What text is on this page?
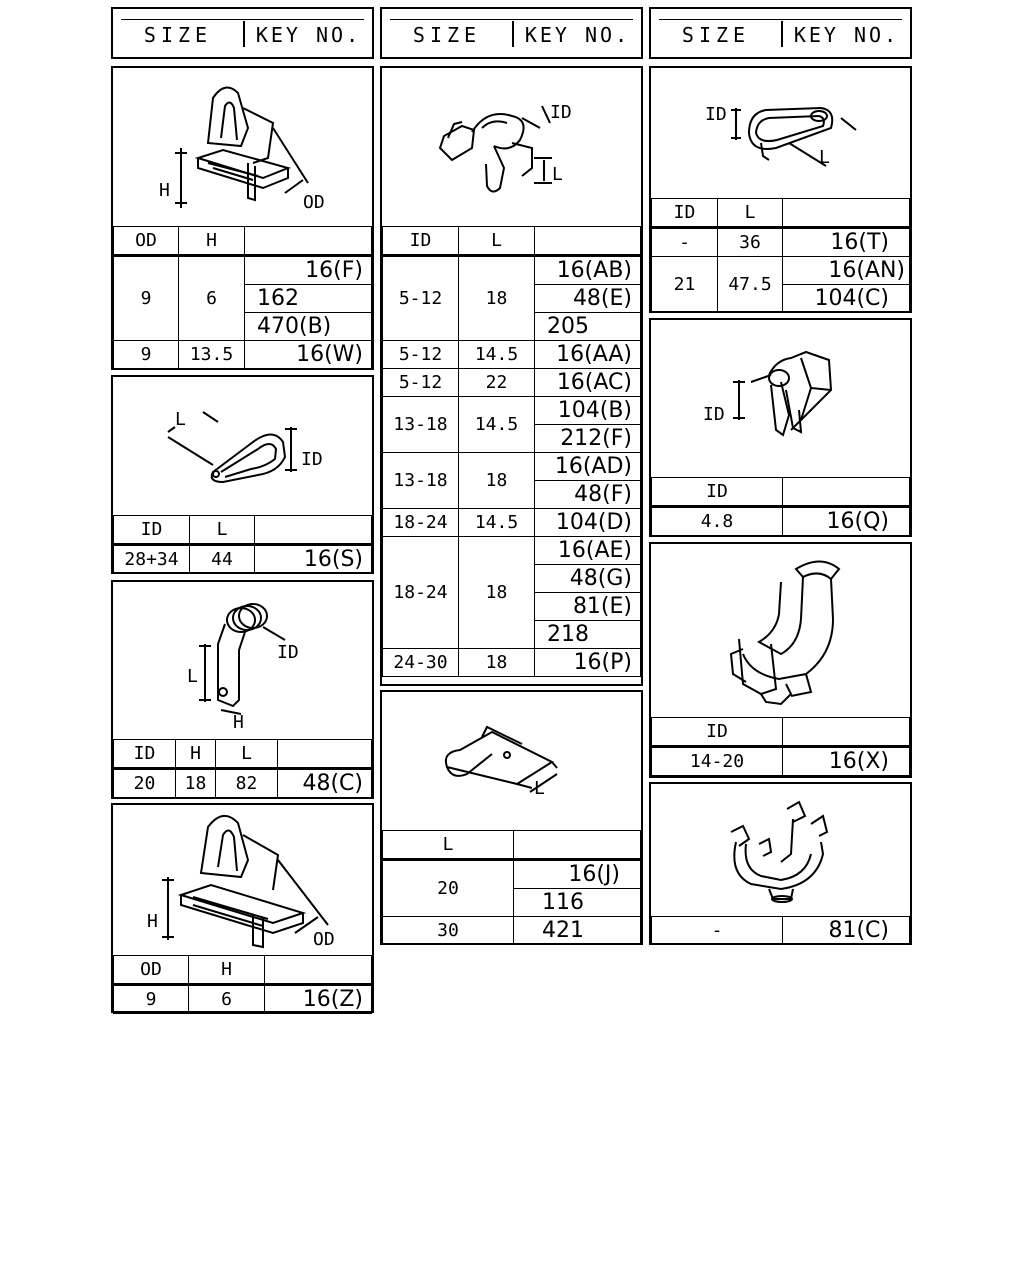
SIZE	KEY NO.
H
OD
OD	H	
9	6	16(F)
		162
		470(B)
9	13.5	16(W)
L
ID
ID	L	
28+34	44	16(S)
ID
L
H
ID	H	L	
20	18	82	48(C)
H
OD
OD	H	
9	6	16(Z)
SIZE	KEY NO.
ID
L
ID	L	
5-12	18	16(AB)
		48(E)
		205
5-12	14.5	16(AA)
5-12	22	16(AC)
13-18	14.5	104(B)
		212(F)
13-18	18	16(AD)
		48(F)
18-24	14.5	104(D)
18-24	18	16(AE)
		48(G)
		81(E)
		218
24-30	18	16(P)
L
L	
20	16(J)
	116
30	421
SIZE	KEY NO.
ID
L
ID	L	
-	36	16(T)
21	47.5	16(AN)
		104(C)
ID
ID	
4.8	16(Q)
ID	
14-20	16(X)
-	81(C)
